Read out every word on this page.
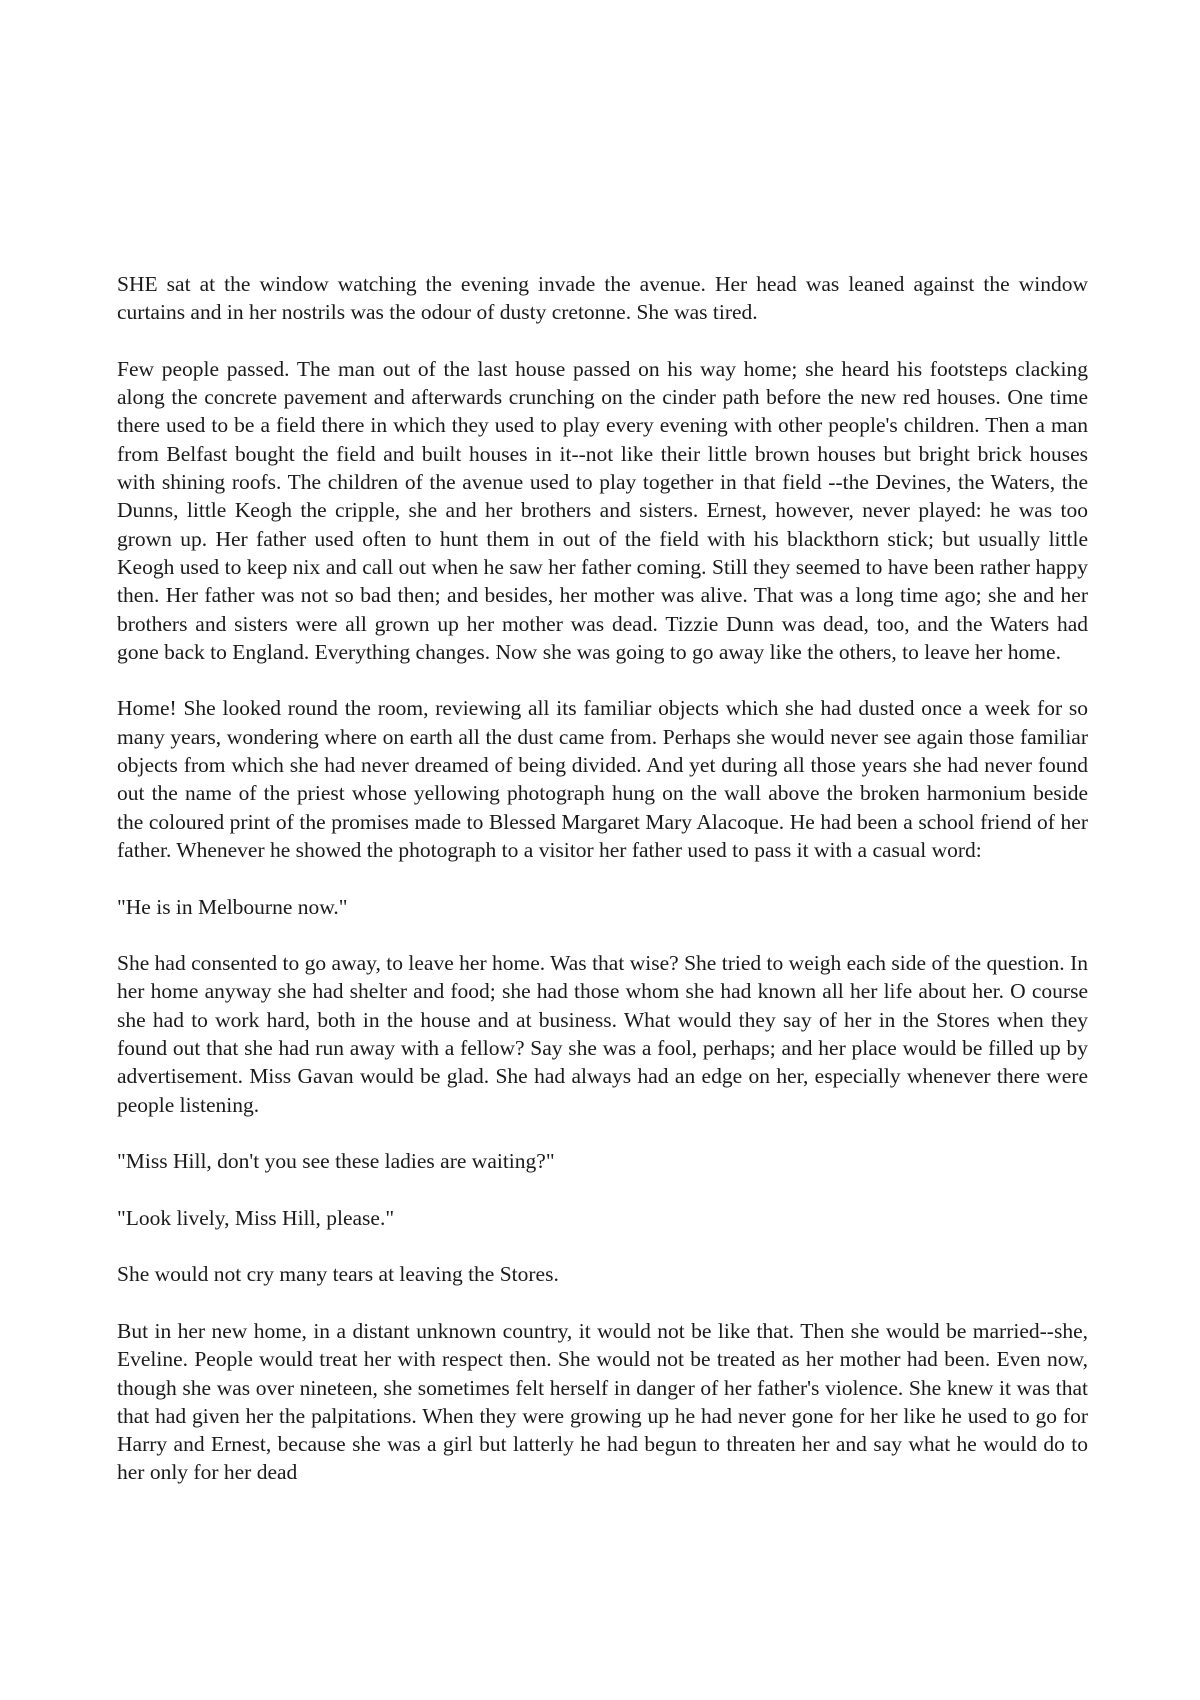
SHE sat at the window watching the evening invade the avenue. Her head was leaned against the window curtains and in her nostrils was the odour of dusty cretonne. She was tired.

Few people passed. The man out of the last house passed on his way home; she heard his footsteps clacking along the concrete pavement and afterwards crunching on the cinder path before the new red houses. One time there used to be a field there in which they used to play every evening with other people's children. Then a man from Belfast bought the field and built houses in it--not like their little brown houses but bright brick houses with shining roofs. The children of the avenue used to play together in that field --the Devines, the Waters, the Dunns, little Keogh the cripple, she and her brothers and sisters. Ernest, however, never played: he was too grown up. Her father used often to hunt them in out of the field with his blackthorn stick; but usually little Keogh used to keep nix and call out when he saw her father coming. Still they seemed to have been rather happy then. Her father was not so bad then; and besides, her mother was alive. That was a long time ago; she and her brothers and sisters were all grown up her mother was dead. Tizzie Dunn was dead, too, and the Waters had gone back to England. Everything changes. Now she was going to go away like the others, to leave her home.

Home! She looked round the room, reviewing all its familiar objects which she had dusted once a week for so many years, wondering where on earth all the dust came from. Perhaps she would never see again those familiar objects from which she had never dreamed of being divided. And yet during all those years she had never found out the name of the priest whose yellowing photograph hung on the wall above the broken harmonium beside the coloured print of the promises made to Blessed Margaret Mary Alacoque. He had been a school friend of her father. Whenever he showed the photograph to a visitor her father used to pass it with a casual word:

"He is in Melbourne now."

She had consented to go away, to leave her home. Was that wise? She tried to weigh each side of the question. In her home anyway she had shelter and food; she had those whom she had known all her life about her. O course she had to work hard, both in the house and at business. What would they say of her in the Stores when they found out that she had run away with a fellow? Say she was a fool, perhaps; and her place would be filled up by advertisement. Miss Gavan would be glad. She had always had an edge on her, especially whenever there were people listening.

"Miss Hill, don't you see these ladies are waiting?"

"Look lively, Miss Hill, please."

She would not cry many tears at leaving the Stores.

But in her new home, in a distant unknown country, it would not be like that. Then she would be married--she, Eveline. People would treat her with respect then. She would not be treated as her mother had been. Even now, though she was over nineteen, she sometimes felt herself in danger of her father's violence. She knew it was that that had given her the palpitations. When they were growing up he had never gone for her like he used to go for Harry and Ernest, because she was a girl but latterly he had begun to threaten her and say what he would do to her only for her dead
